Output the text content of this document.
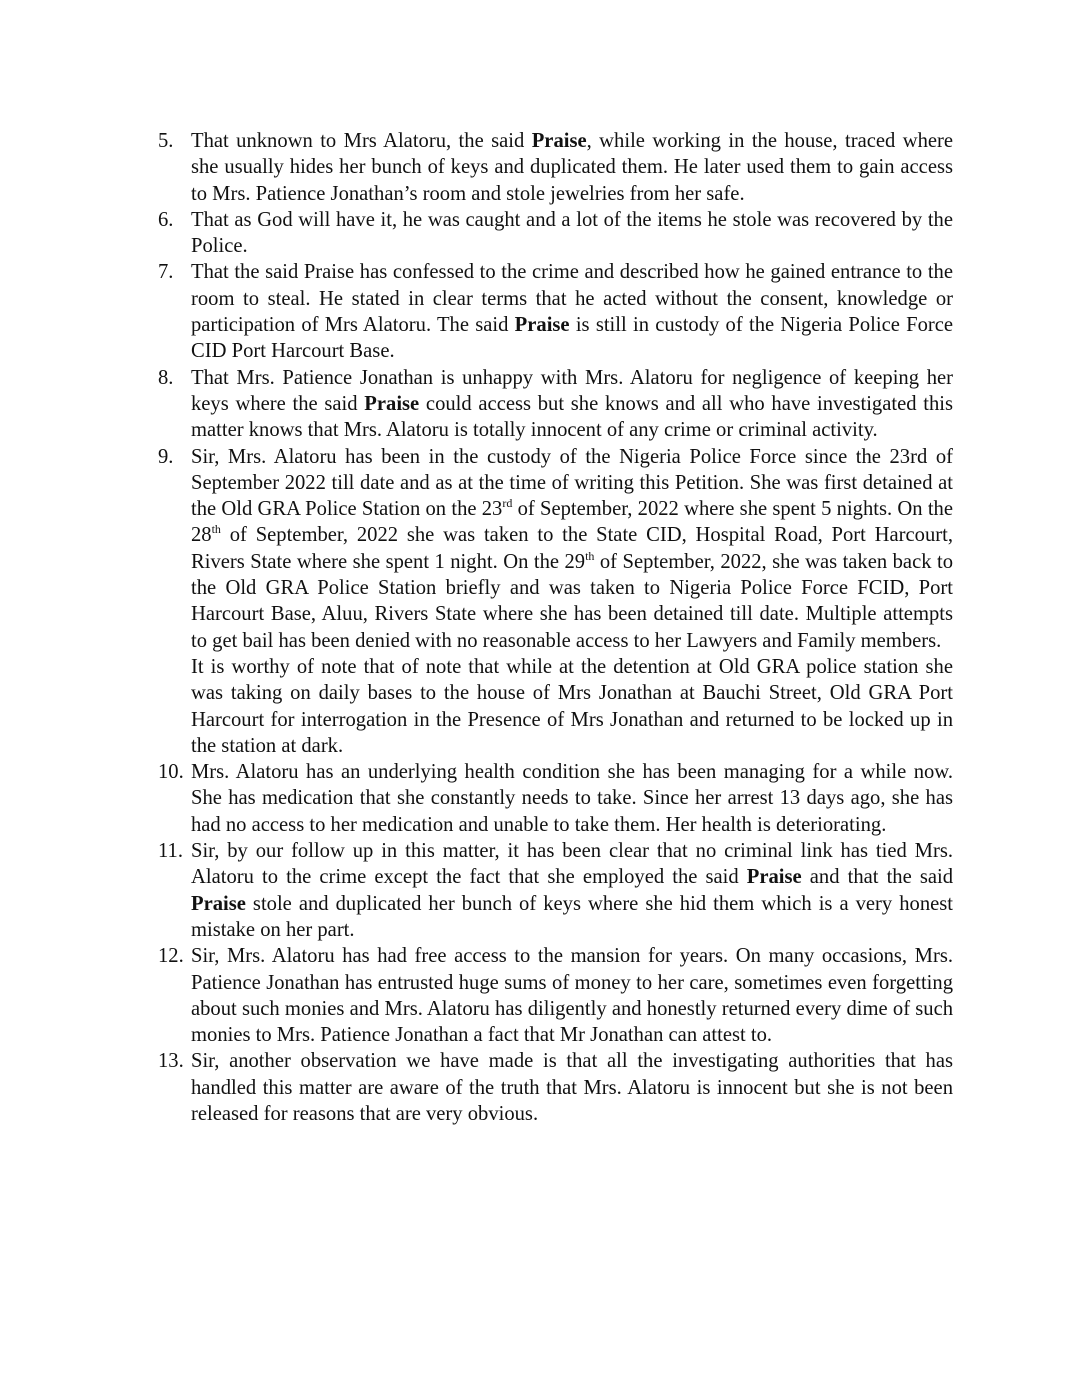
5. That unknown to Mrs Alatoru, the said Praise, while working in the house, traced where she usually hides her bunch of keys and duplicated them. He later used them to gain access to Mrs. Patience Jonathan’s room and stole jewelries from her safe.

6. That as God will have it, he was caught and a lot of the items he stole was recovered by the Police.

7. That the said Praise has confessed to the crime and described how he gained entrance to the room to steal. He stated in clear terms that he acted without the consent, knowledge or participation of Mrs Alatoru. The said Praise is still in custody of the Nigeria Police Force CID Port Harcourt Base.

8. That Mrs. Patience Jonathan is unhappy with Mrs. Alatoru for negligence of keeping her keys where the said Praise could access but she knows and all who have investigated this matter knows that Mrs. Alatoru is totally innocent of any crime or criminal activity.

9. Sir, Mrs. Alatoru has been in the custody of the Nigeria Police Force since the 23rd of September 2022 till date and as at the time of writing this Petition. She was first detained at the Old GRA Police Station on the 23rd of September, 2022 where she spent 5 nights. On the 28th of September, 2022 she was taken to the State CID, Hospital Road, Port Harcourt, Rivers State where she spent 1 night. On the 29th of September, 2022, she was taken back to the Old GRA Police Station briefly and was taken to Nigeria Police Force FCID, Port Harcourt Base, Aluu, Rivers State where she has been detained till date. Multiple attempts to get bail has been denied with no reasonable access to her Lawyers and Family members.

It is worthy of note that of note that while at the detention at Old GRA police station she was taking on daily bases to the house of Mrs Jonathan at Bauchi Street, Old GRA Port Harcourt for interrogation in the Presence of Mrs Jonathan and returned to be locked up in the station at dark.

10. Mrs. Alatoru has an underlying health condition she has been managing for a while now. She has medication that she constantly needs to take. Since her arrest 13 days ago, she has had no access to her medication and unable to take them. Her health is deteriorating.

11. Sir, by our follow up in this matter, it has been clear that no criminal link has tied Mrs. Alatoru to the crime except the fact that she employed the said Praise and that the said Praise stole and duplicated her bunch of keys where she hid them which is a very honest mistake on her part.

12. Sir, Mrs. Alatoru has had free access to the mansion for years. On many occasions, Mrs. Patience Jonathan has entrusted huge sums of money to her care, sometimes even forgetting about such monies and Mrs. Alatoru has diligently and honestly returned every dime of such monies to Mrs. Patience Jonathan a fact that Mr Jonathan can attest to.

13. Sir, another observation we have made is that all the investigating authorities that has handled this matter are aware of the truth that Mrs. Alatoru is innocent but she is not been released for reasons that are very obvious.
